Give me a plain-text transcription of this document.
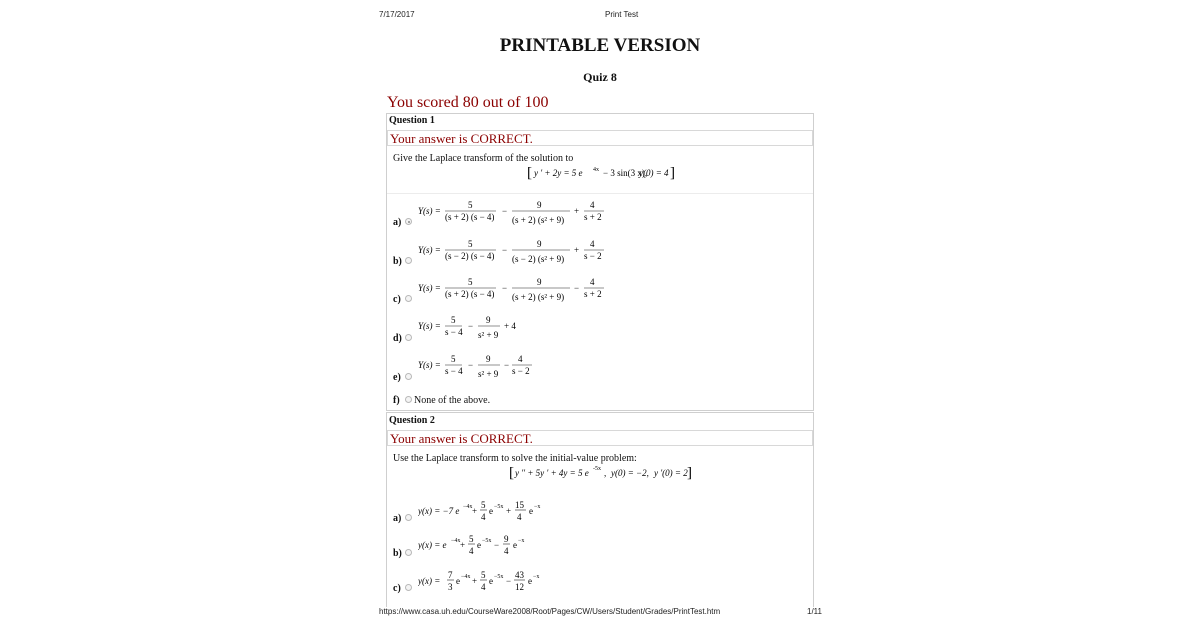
7/17/2017	Print Test
https://www.casa.uh.edu/CourseWare2008/Root/Pages/CW/Users/Student/Grades/PrintTest.htm	1/11
PRINTABLE VERSION
Quiz 8
You scored 80 out of 100
Question 1
Your answer is CORRECT.
Give the Laplace transform of the solution to
[ y ' + 2y = 5 e 4x − 3 sin(3 x),
y(0) = 4 ]
a)
Y(s) =
5
(s + 2) (s − 4)
−
9
(s + 2) (s² + 9)
+
4
s + 2
b)
Y(s) =
5
(s − 2) (s − 4)
−
9
(s − 2) (s² + 9)
+
4
s − 2
c)
Y(s) =
5
(s + 2) (s − 4)
−
9
(s + 2) (s² + 9)
−
4
s + 2
d)
Y(s) =
5
s − 4
−
9
s² + 9
+ 4
e)
Y(s) =
5
s − 4
−
9
s² + 9
−
4
s − 2
f) None of the above.
Question 2
Your answer is CORRECT.
Use the Laplace transform to solve the initial-value problem:
[ y '' + 5y ' + 4y = 5 e -5x , y(0) = −2, y '(0) = 2 ]
a)
y(x) = −7 e −4x +
5
4
e −5x +
15
4
e −x
b)
y(x) = e −4x +
5
4
e −5x −
9
4
e −x
c)
y(x) =
7
3
e −4x +
5
4
e −5x −
43
12
e −x
